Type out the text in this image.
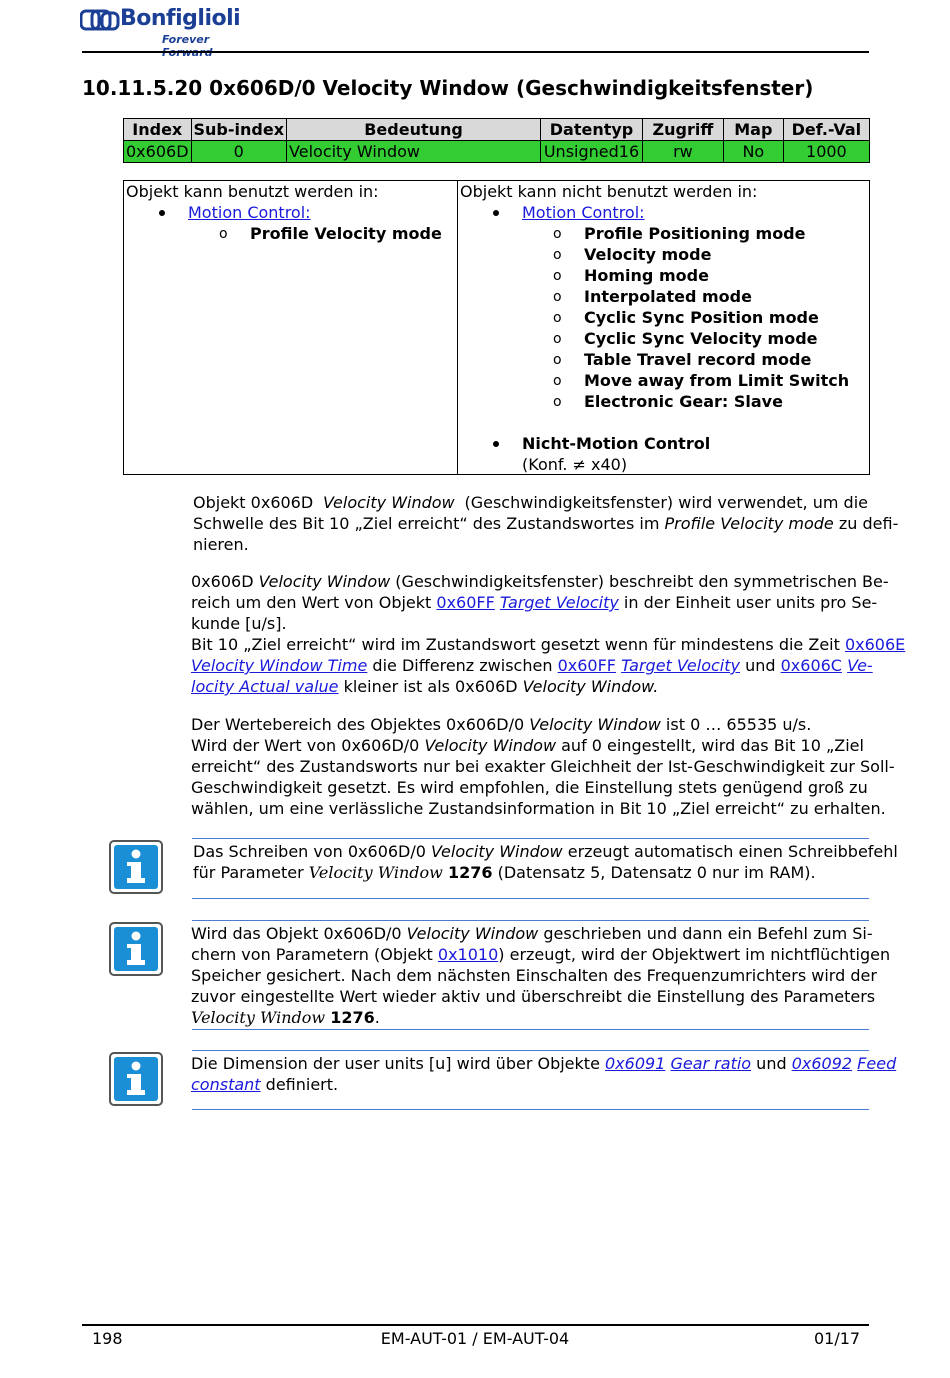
Bonfiglioli
Forever
10.11.5.20 0x606D/0 Velocity Window (Geschwindigkeitsfenster)
Index	Sub-index	Bedeutung	Datentyp	Zugriff	Map	Def.-Val
0x606D	0	Velocity Window	Unsigned16	rw	No	1000
Objekt kann benutzt werden in:
Motion Control:
o Profile Velocity mode
Objekt kann nicht benutzt werden in:
Motion Control:
o Profile Positioning mode
o Velocity mode
o Homing mode
o Interpolated mode
o Cyclic Sync Position mode
o Cyclic Sync Velocity mode
o Table Travel record mode
o Move away from Limit Switch
o Electronic Gear: Slave
Nicht-Motion Control
(Konf. ≠ x40)
Objekt 0x606D Velocity Window (Geschwindigkeitsfenster) wird verwendet, um die
Schwelle des Bit 10 „Ziel erreicht“ des Zustandswortes im Profile Velocity mode zu defi-
nieren.
0x606D Velocity Window (Geschwindigkeitsfenster) beschreibt den symmetrischen Be-
reich um den Wert von Objekt 0x60FF Target Velocity in der Einheit user units pro Se-
kunde [u/s].
Bit 10 „Ziel erreicht“ wird im Zustandswort gesetzt wenn für mindestens die Zeit 0x606E
Velocity Window Time die Differenz zwischen 0x60FF Target Velocity und 0x606C Ve-
locity Actual value kleiner ist als 0x606D Velocity Window.
Der Wertebereich des Objektes 0x606D/0 Velocity Window ist 0 … 65535 u/s.
Wird der Wert von 0x606D/0 Velocity Window auf 0 eingestellt, wird das Bit 10 „Ziel
erreicht“ des Zustandsworts nur bei exakter Gleichheit der Ist-Geschwindigkeit zur Soll-
Geschwindigkeit gesetzt. Es wird empfohlen, die Einstellung stets genügend groß zu
wählen, um eine verlässliche Zustandsinformation in Bit 10 „Ziel erreicht“ zu erhalten.
Das Schreiben von 0x606D/0 Velocity Window erzeugt automatisch einen Schreibbefehl
für Parameter Velocity Window 1276 (Datensatz 5, Datensatz 0 nur im RAM).
Wird das Objekt 0x606D/0 Velocity Window geschrieben und dann ein Befehl zum Si-
chern von Parametern (Objekt 0x1010) erzeugt, wird der Objektwert im nichtflüchtigen
Speicher gesichert. Nach dem nächsten Einschalten des Frequenzumrichters wird der
zuvor eingestellte Wert wieder aktiv und überschreibt die Einstellung des Parameters
Velocity Window 1276.
Die Dimension der user units [u] wird über Objekte 0x6091 Gear ratio und 0x6092 Feed
constant definiert.
198	EM-AUT-01 / EM-AUT-04	01/17
